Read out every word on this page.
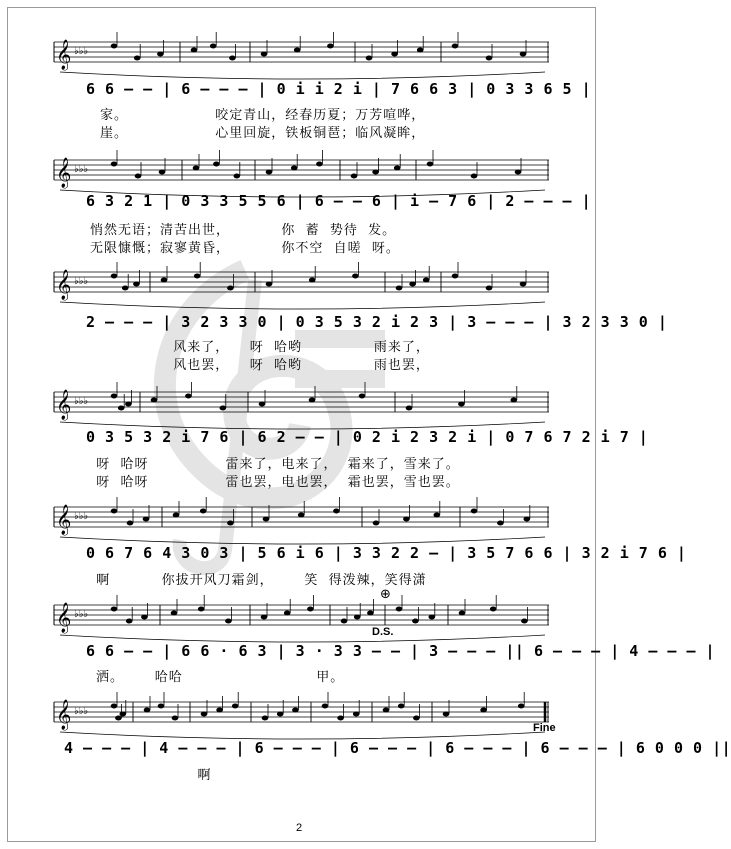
𝄞 ♭♭♭
𝄞 ♭♭♭
𝄞 ♭♭♭
𝄞 ♭♭♭
𝄞 ♭♭♭
𝄞 ♭♭♭
𝄞 ♭♭♭
6 6 — — | 6 — — — | 0 i i 2 i | 7 6 6 3 | 0 3 3 6 5 |
家。                 咬定青山，经春历夏；万芳喧哗，
崖。                 心里回旋，铁板铜琶；临风凝眸，
6 3 2 1 | 0 3 3 5 5 6 | 6 — — 6 | i — 7 6 | 2 — — — |
悄然无语；清苦出世，          你  蓄  势待  发。
无限慷慨；寂寥黄昏，          你不空  自嗟  呀。
2 — — — | 3 2 3 3 0 | 0 3 5 3 2 i 2 3 | 3 — — — | 3 2 3 3 0 |
风来了，    呀  哈哟              雨来了，
风也罢，    呀  哈哟              雨也罢，
0 3 5 3 2 i 7 6 | 6 2 — — | 0 2 i 2 3 2 i | 0 7 6 7 2 i 7 |
呀  哈呀               雷来了，电来了，  霜来了，雪来了。
呀  哈呀               雷也罢，电也罢，  霜也罢，雪也罢。
0 6 7 6 4 3 0 3 | 5 6 i 6 | 3 3 2 2 — | 3 5 7 6 6 | 3 2 i 7 6 |
啊          你拔开风刀霜剑，      笑  得泼辣，笑得潇
⊕
D.S.
6 6 — — | 6 6 · 6 3 | 3 · 3 3 — — | 3 — — — || 6 — — — | 4 — — — |
洒。      哈哈                          甲。
Fine
4 — — — | 4 — — — | 6 — — — | 6 — — — | 6 — — — | 6 — — — | 6 0 0 0 ||
啊
2
